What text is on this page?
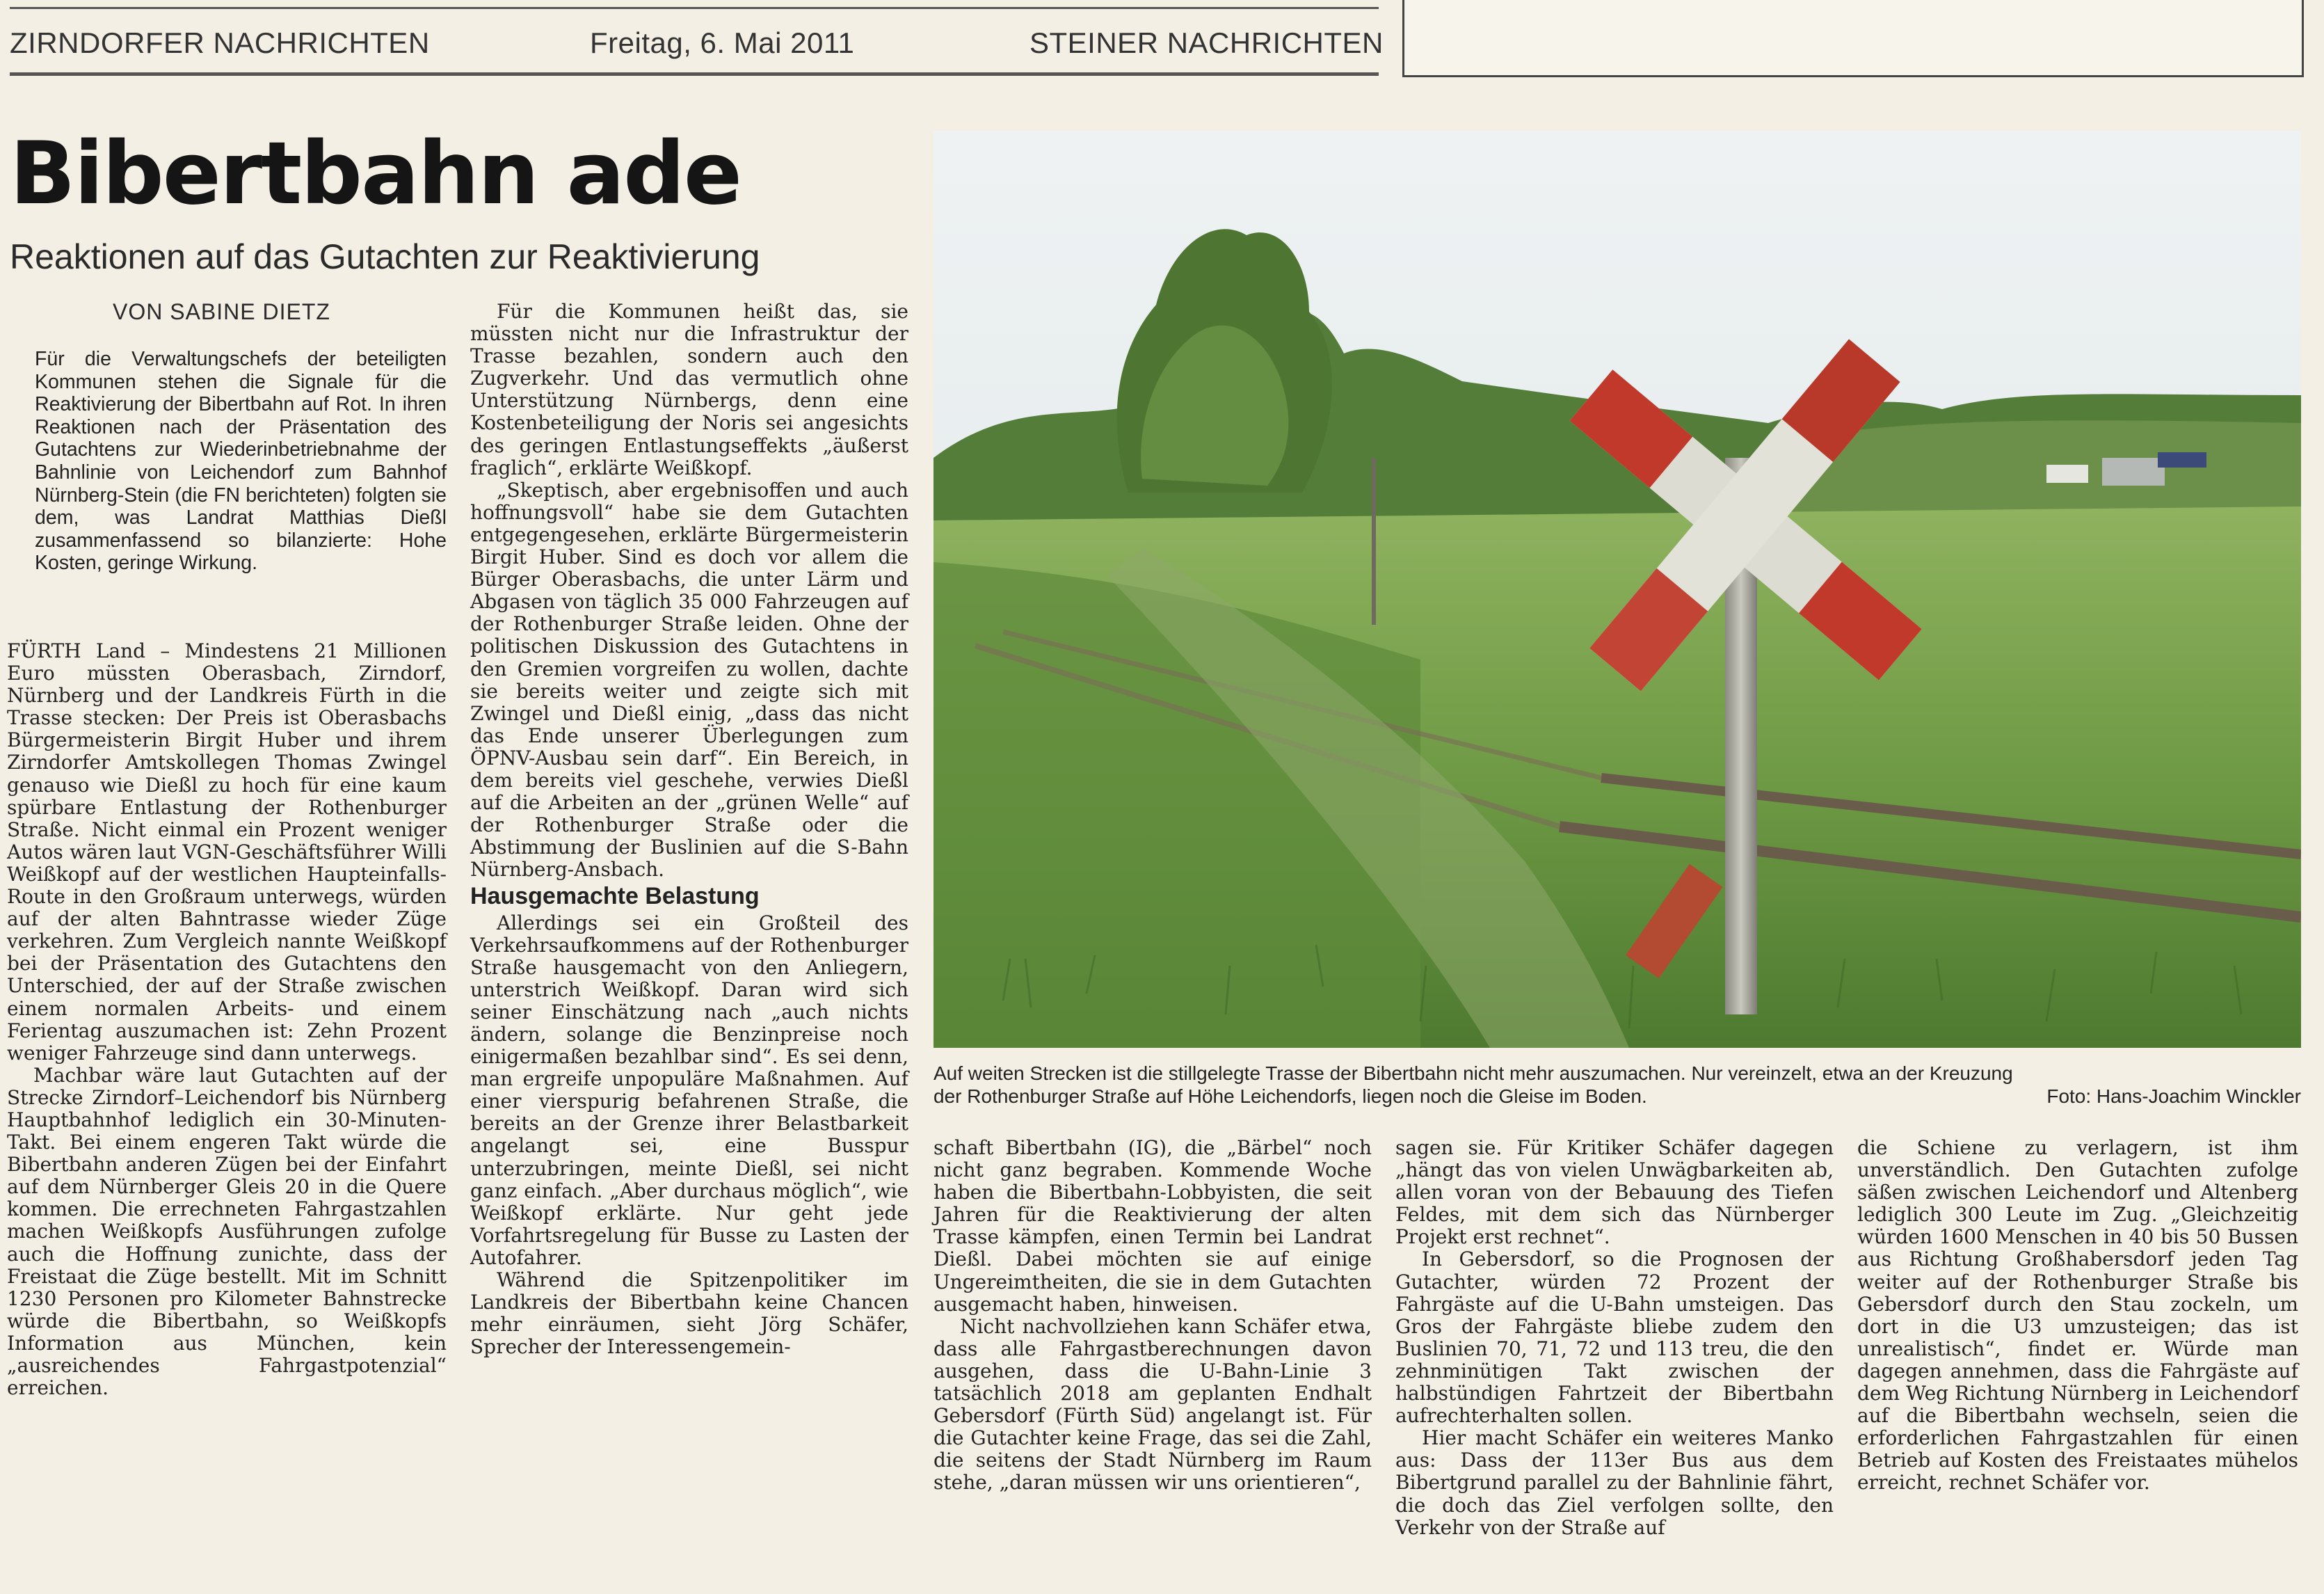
ZIRNDORFER NACHRICHTEN	Freitag, 6. Mai 2011	STEINER NACHRICHTEN
Bibertbahn ade
Reaktionen auf das Gutachten zur Reaktivierung
VON SABINE DIETZ
Für die Verwaltungschefs der beteiligten Kommunen stehen die Signale für die Reaktivierung der Bibertbahn auf Rot. In ihren Reaktionen nach der Präsentation des Gutachtens zur Wiederinbetriebnahme der Bahnlinie von Leichendorf zum Bahnhof Nürnberg-Stein (die FN berichteten) folgten sie dem, was Landrat Matthias Dießl zusammenfassend so bilanzierte: Hohe Kosten, geringe Wirkung.

FÜRTH Land – Mindestens 21 Millionen Euro müssten Oberasbach, Zirndorf, Nürnberg und der Landkreis Fürth in die Trasse stecken: Der Preis ist Oberasbachs Bürgermeisterin Birgit Huber und ihrem Zirndorfer Amtskollegen Thomas Zwingel genauso wie Dießl zu hoch für eine kaum spürbare Entlastung der Rothenburger Straße. Nicht einmal ein Prozent weniger Autos wären laut VGN-Geschäftsführer Willi Weißkopf auf der westlichen Haupteinfalls-Route in den Großraum unterwegs, würden auf der alten Bahntrasse wieder Züge verkehren. Zum Vergleich nannte Weißkopf bei der Präsentation des Gutachtens den Unterschied, der auf der Straße zwischen einem normalen Arbeits- und einem Ferientag auszumachen ist: Zehn Prozent weniger Fahrzeuge sind dann unterwegs.

Machbar wäre laut Gutachten auf der Strecke Zirndorf–Leichendorf bis Nürnberg Hauptbahnhof lediglich ein 30-Minuten-Takt. Bei einem engeren Takt würde die Bibertbahn anderen Zügen bei der Einfahrt auf dem Nürnberger Gleis 20 in die Quere kommen. Die errechneten Fahrgastzahlen machen Weißkopfs Ausführungen zufolge auch die Hoffnung zunichte, dass der Freistaat die Züge bestellt. Mit im Schnitt 1230 Personen pro Kilometer Bahnstrecke würde die Bibertbahn, so Weißkopfs Information aus München, kein „ausreichendes Fahrgastpotenzial“ erreichen.

Für die Kommunen heißt das, sie müssten nicht nur die Infrastruktur der Trasse bezahlen, sondern auch den Zugverkehr. Und das vermutlich ohne Unterstützung Nürnbergs, denn eine Kostenbeteiligung der Noris sei angesichts des geringen Entlastungseffekts „äußerst fraglich“, erklärte Weißkopf.

„Skeptisch, aber ergebnisoffen und auch hoffnungsvoll“ habe sie dem Gutachten entgegengesehen, erklärte Bürgermeisterin Birgit Huber. Sind es doch vor allem die Bürger Oberasbachs, die unter Lärm und Abgasen von täglich 35 000 Fahrzeugen auf der Rothenburger Straße leiden. Ohne der politischen Diskussion des Gutachtens in den Gremien vorgreifen zu wollen, dachte sie bereits weiter und zeigte sich mit Zwingel und Dießl einig, „dass das nicht das Ende unserer Überlegungen zum ÖPNV-Ausbau sein darf“. Ein Bereich, in dem bereits viel geschehe, verwies Dießl auf die Arbeiten an der „grünen Welle“ auf der Rothenburger Straße oder die Abstimmung der Buslinien auf die S-Bahn Nürnberg-Ansbach.

Hausgemachte Belastung

Allerdings sei ein Großteil des Verkehrsaufkommens auf der Rothenburger Straße hausgemacht von den Anliegern, unterstrich Weißkopf. Daran wird sich seiner Einschätzung nach „auch nichts ändern, solange die Benzinpreise noch einigermaßen bezahlbar sind“. Es sei denn, man ergreife unpopuläre Maßnahmen. Auf einer vierspurig befahrenen Straße, die bereits an der Grenze ihrer Belastbarkeit angelangt sei, eine Busspur unterzubringen, meinte Dießl, sei nicht ganz einfach. „Aber durchaus möglich“, wie Weißkopf erklärte. Nur geht jede Vorfahrtsregelung für Busse zu Lasten der Autofahrer.

Während die Spitzenpolitiker im Landkreis der Bibertbahn keine Chancen mehr einräumen, sieht Jörg Schäfer, Sprecher der Interessengemein-

Auf weiten Strecken ist die stillgelegte Trasse der Bibertbahn nicht mehr auszumachen. Nur vereinzelt, etwa an der Kreuzung
der Rothenburger Straße auf Höhe Leichendorfs, liegen noch die Gleise im Boden.	Foto: Hans-Joachim Winckler

schaft Bibertbahn (IG), die „Bärbel“ noch nicht ganz begraben. Kommende Woche haben die Bibertbahn-Lobbyisten, die seit Jahren für die Reaktivierung der alten Trasse kämpfen, einen Termin bei Landrat Dießl. Dabei möchten sie auf einige Ungereimtheiten, die sie in dem Gutachten ausgemacht haben, hinweisen.

Nicht nachvollziehen kann Schäfer etwa, dass alle Fahrgastberechnungen davon ausgehen, dass die U-Bahn-Linie 3 tatsächlich 2018 am geplanten Endhalt Gebersdorf (Fürth Süd) angelangt ist. Für die Gutachter keine Frage, das sei die Zahl, die seitens der Stadt Nürnberg im Raum stehe, „daran müssen wir uns orientieren“,

sagen sie. Für Kritiker Schäfer dagegen „hängt das von vielen Unwägbarkeiten ab, allen voran von der Bebauung des Tiefen Feldes, mit dem sich das Nürnberger Projekt erst rechnet“.

In Gebersdorf, so die Prognosen der Gutachter, würden 72 Prozent der Fahrgäste auf die U-Bahn umsteigen. Das Gros der Fahrgäste bliebe zudem den Buslinien 70, 71, 72 und 113 treu, die den zehnminütigen Takt zwischen der halbstündigen Fahrtzeit der Bibertbahn aufrechterhalten sollen.

Hier macht Schäfer ein weiteres Manko aus: Dass der 113er Bus aus dem Bibertgrund parallel zu der Bahnlinie fährt, die doch das Ziel verfolgen sollte, den Verkehr von der Straße auf

die Schiene zu verlagern, ist ihm unverständlich. Den Gutachten zufolge säßen zwischen Leichendorf und Altenberg lediglich 300 Leute im Zug. „Gleichzeitig würden 1600 Menschen in 40 bis 50 Bussen aus Richtung Großhabersdorf jeden Tag weiter auf der Rothenburger Straße bis Gebersdorf durch den Stau zockeln, um dort in die U3 umzusteigen; das ist unrealistisch“, findet er. Würde man dagegen annehmen, dass die Fahrgäste auf dem Weg Richtung Nürnberg in Leichendorf auf die Bibertbahn wechseln, seien die erforderlichen Fahrgastzahlen für einen Betrieb auf Kosten des Freistaates mühelos erreicht, rechnet Schäfer vor.
